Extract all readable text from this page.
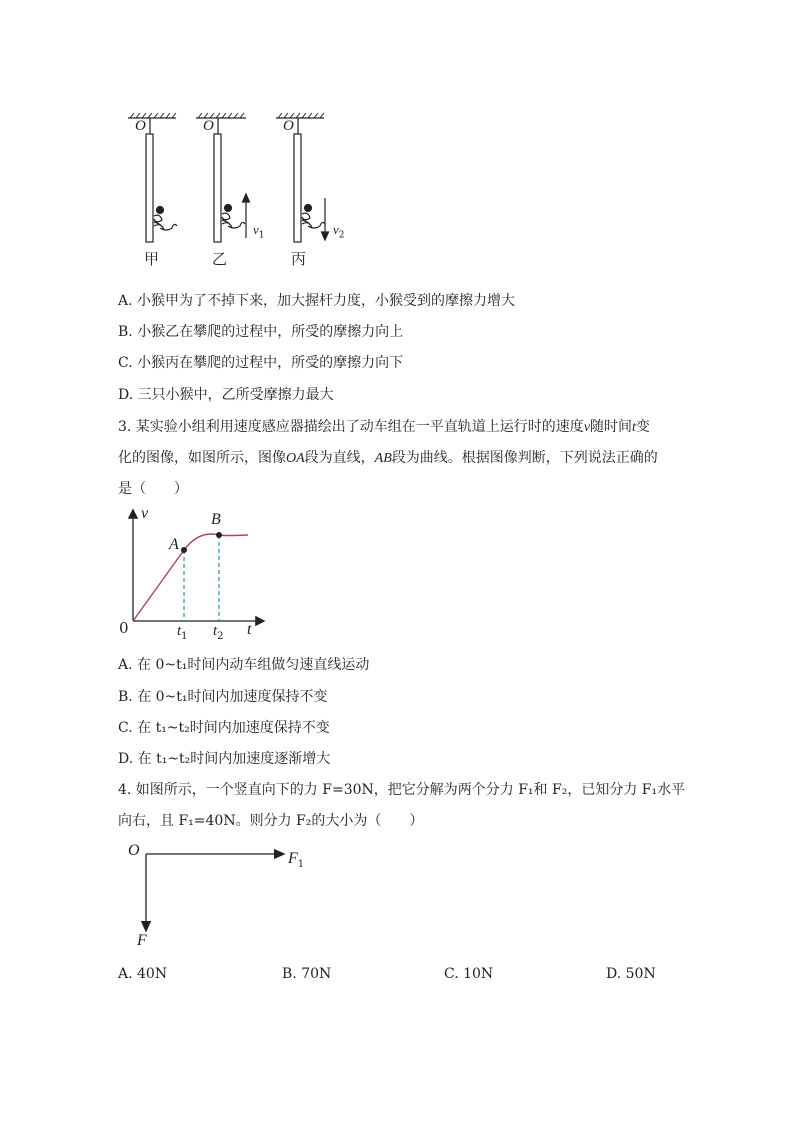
O	O	O
$v_1$	$v_2$
甲	乙	丙
A. 小猴甲为了不掉下来，加大握杆力度，小猴受到的摩擦力增大
B. 小猴乙在攀爬的过程中，所受的摩擦力向上
C. 小猴丙在攀爬的过程中，所受的摩擦力向下
D. 三只小猴中，乙所受摩擦力最大
3. 某实验小组利用速度感应器描绘出了动车组在一平直轨道上运行时的速度v随时间t变
化的图像，如图所示，图像OA段为直线，AB段为曲线。根据图像判断，下列说法正确的
是（　　）
v
0
A
B
$t_1$ $t_2$ t
A. 在 0~t₁时间内动车组做匀速直线运动
B. 在 0~t₁时间内加速度保持不变
C. 在 t₁~t₂时间内加速度保持不变
D. 在 t₁~t₂时间内加速度逐渐增大
4. 如图所示，一个竖直向下的力 F=30N，把它分解为两个分力 F₁和 F₂，已知分力 F₁水平
向右，且 F₁=40N。则分力 F₂的大小为（　　）
O	$F_1$
F
A. 40N	B. 70N	C. 10N	D. 50N
